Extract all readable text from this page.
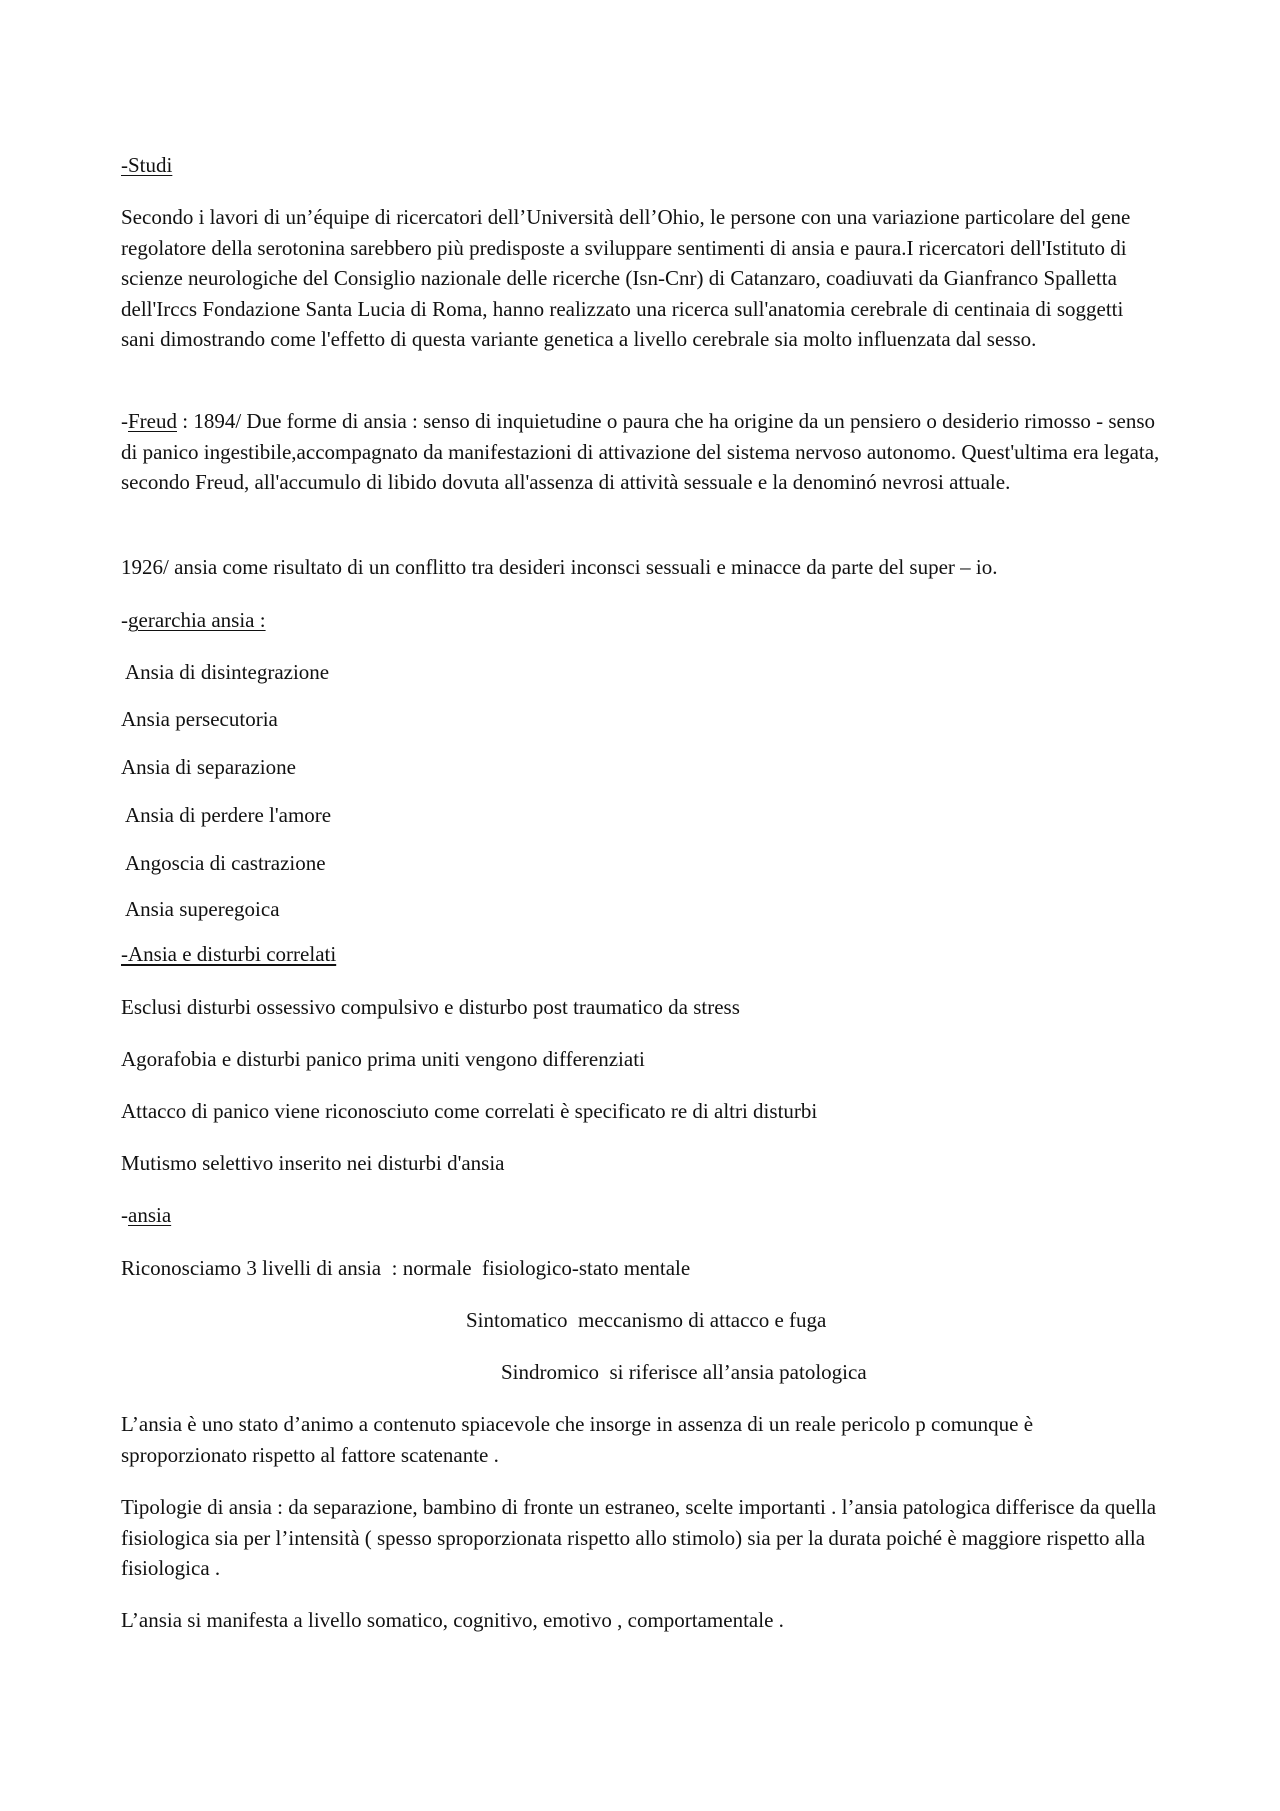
-Studi

Secondo i lavori di un’équipe di ricercatori dell’Università dell’Ohio, le persone con una variazione particolare del gene regolatore della serotonina sarebbero più predisposte a sviluppare sentimenti di ansia e paura.I ricercatori dell'Istituto di scienze neurologiche del Consiglio nazionale delle ricerche (Isn-Cnr) di Catanzaro, coadiuvati da Gianfranco Spalletta dell'Irccs Fondazione Santa Lucia di Roma, hanno realizzato una ricerca sull'anatomia cerebrale di centinaia di soggetti sani dimostrando come l'effetto di questa variante genetica a livello cerebrale sia molto influenzata dal sesso.

-Freud : 1894/ Due forme di ansia : senso di inquietudine o paura che ha origine da un pensiero o desiderio rimosso - senso di panico ingestibile,accompagnato da manifestazioni di attivazione del sistema nervoso autonomo. Quest'ultima era legata, secondo Freud, all'accumulo di libido dovuta all'assenza di attività sessuale e la denominó nevrosi attuale.

1926/ ansia come risultato di un conflitto tra desideri inconsci sessuali e minacce da parte del super – io.

-gerarchia ansia :

Ansia di disintegrazione

Ansia persecutoria

Ansia di separazione

Ansia di perdere l'amore

Angoscia di castrazione

Ansia superegoica

-Ansia e disturbi correlati

Esclusi disturbi ossessivo compulsivo e disturbo post traumatico da stress

Agorafobia e disturbi panico prima uniti vengono differenziati

Attacco di panico viene riconosciuto come correlati è specificato re di altri disturbi

Mutismo selettivo inserito nei disturbi d'ansia

-ansia

Riconosciamo 3 livelli di ansia  : normale  fisiologico-stato mentale

Sintomatico  meccanismo di attacco e fuga

Sindromico  si riferisce all’ansia patologica

L’ansia è uno stato d’animo a contenuto spiacevole che insorge in assenza di un reale pericolo p comunque è sproporzionato rispetto al fattore scatenante .

Tipologie di ansia : da separazione, bambino di fronte un estraneo, scelte importanti . l’ansia patologica differisce da quella fisiologica sia per l’intensità ( spesso sproporzionata rispetto allo stimolo) sia per la durata poiché è maggiore rispetto alla fisiologica .

L’ansia si manifesta a livello somatico, cognitivo, emotivo , comportamentale .
